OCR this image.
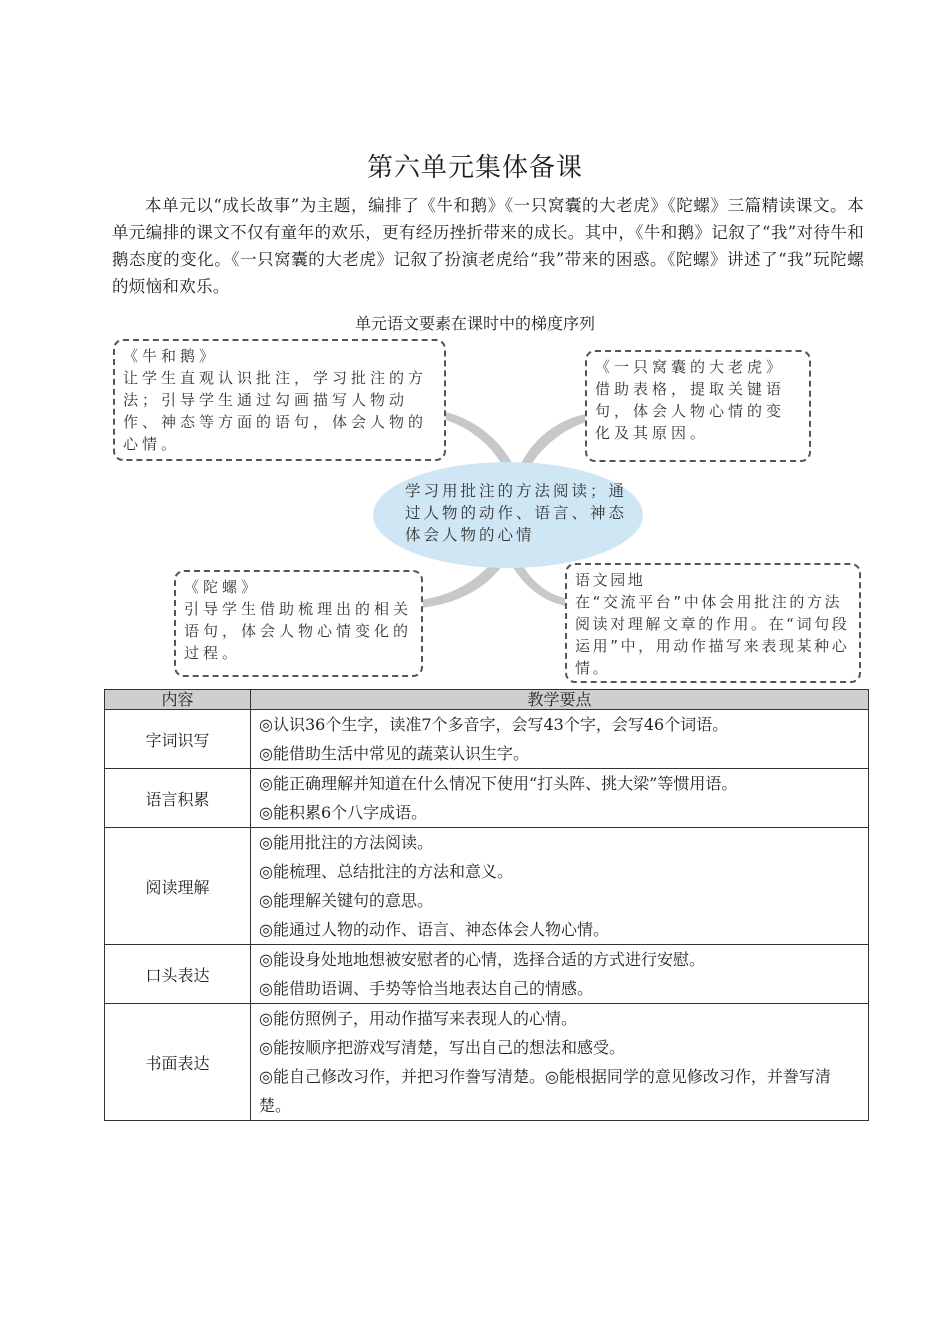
第六单元集体备课
本单元以“成长故事”为主题，编排了《牛和鹅》《一只窝囊的大老虎》《陀螺》三篇精读课文。本单元编排的课文不仅有童年的欢乐，更有经历挫折带来的成长。其中，《牛和鹅》记叙了“我”对待牛和鹅态度的变化。《一只窝囊的大老虎》记叙了扮演老虎给“我”带来的困惑。《陀螺》讲述了“我”玩陀螺的烦恼和欢乐。
单元语文要素在课时中的梯度序列
《牛和鹅》
让学生直观认识批注，学习批注的方法；引导学生通过勾画描写人物动作、神态等方面的语句，体会人物的心情。
《一只窝囊的大老虎》
借助表格，提取关键语句，体会人物心情的变化及其原因。
学习用批注的方法阅读；通过人物的动作、语言、神态体会人物的心情
《陀螺》
引导学生借助梳理出的相关语句，体会人物心情变化的过程。
语文园地
在“交流平台”中体会用批注的方法阅读对理解文章的作用。在“词句段运用”中，用动作描写来表现某种心情。
内容	教学要点
字词识写	◎认识36个生字，读准7个多音字，会写43个字，会写46个词语。
◎能借助生活中常见的蔬菜认识生字。

语言积累	◎能正确理解并知道在什么情况下使用“打头阵、挑大梁”等惯用语。
◎能积累6个八字成语。

阅读理解	◎能用批注的方法阅读。
◎能梳理、总结批注的方法和意义。
◎能理解关键句的意思。
◎能通过人物的动作、语言、神态体会人物心情。

口头表达	◎能设身处地地想被安慰者的心情，选择合适的方式进行安慰。
◎能借助语调、手势等恰当地表达自己的情感。

书面表达	◎能仿照例子，用动作描写来表现人的心情。
◎能按顺序把游戏写清楚，写出自己的想法和感受。
◎能自己修改习作，并把习作誊写清楚。◎能根据同学的意见修改习作，并誊写清楚。
